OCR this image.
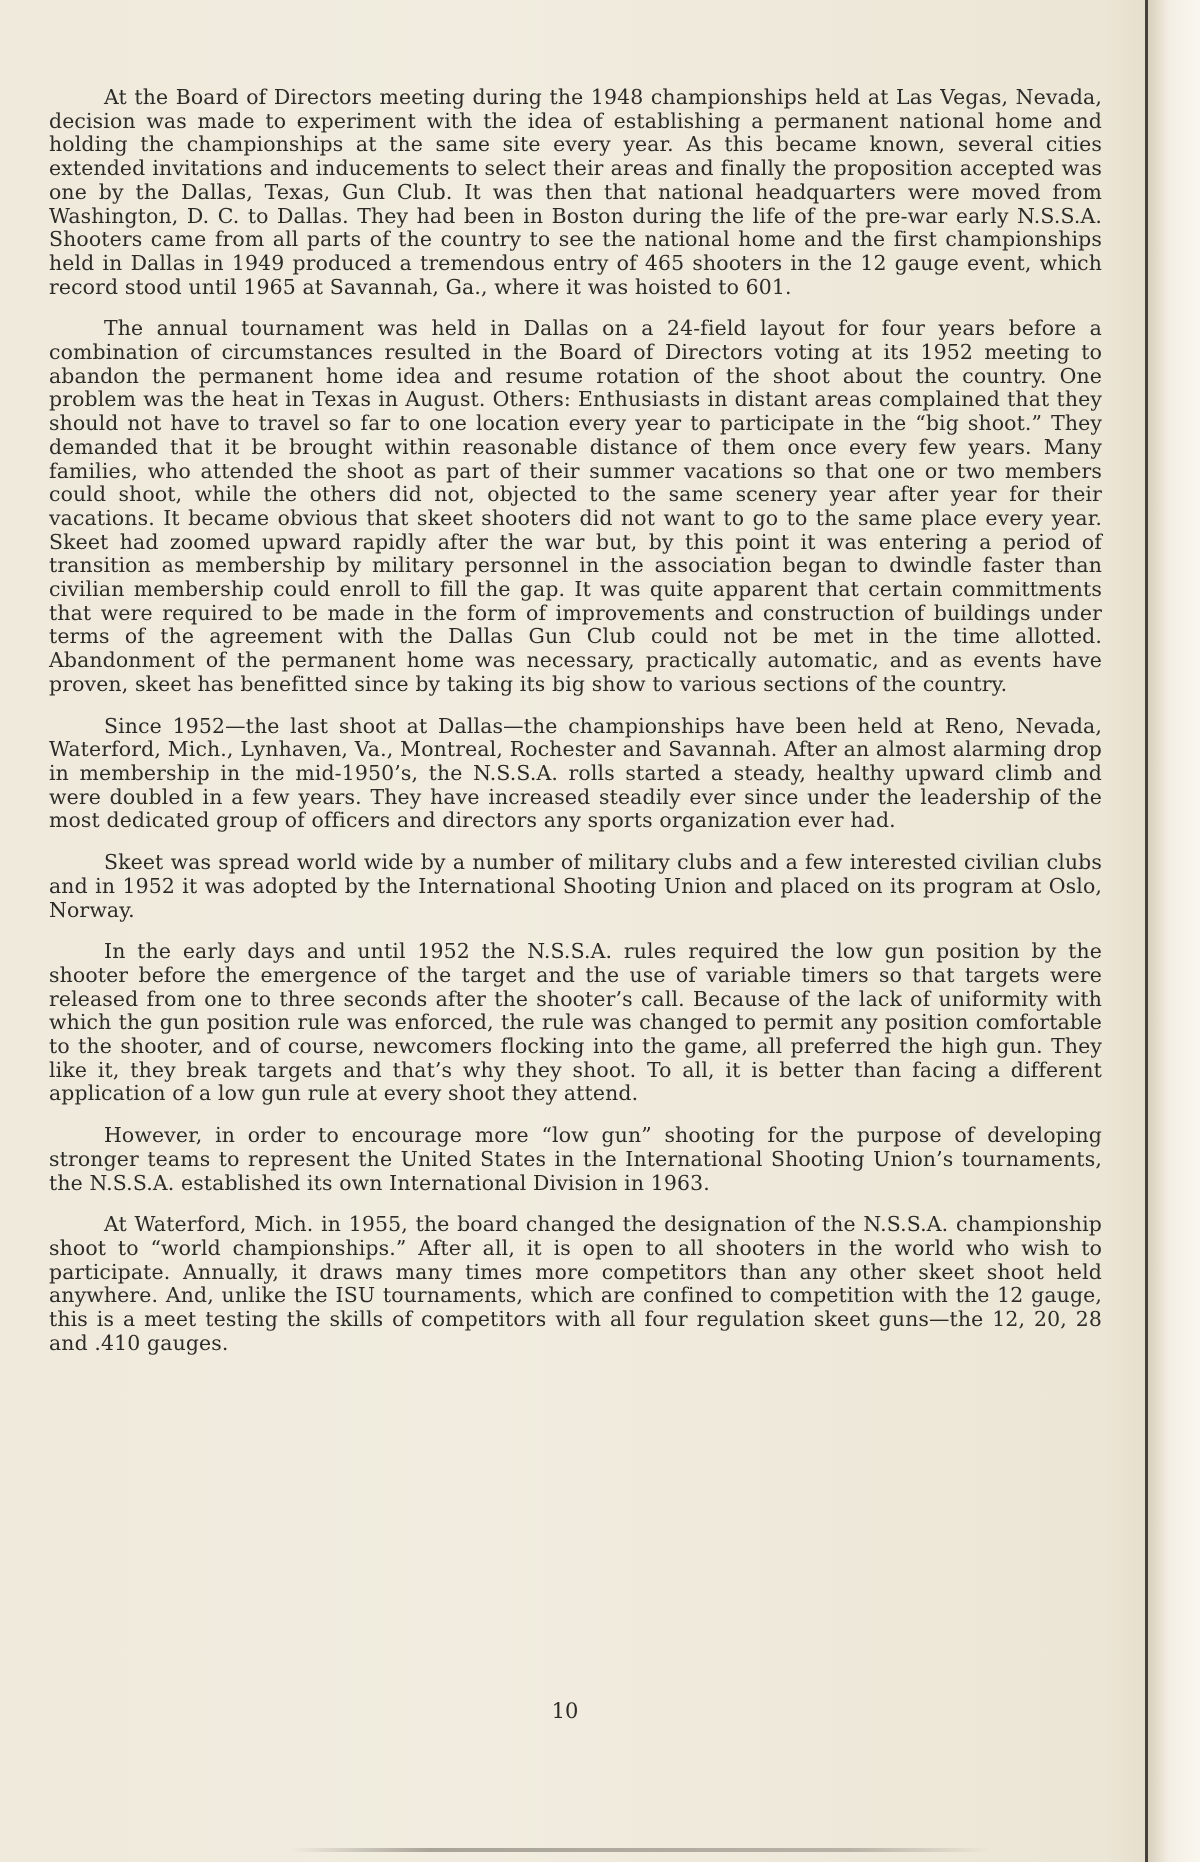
At the Board of Directors meeting during the 1948 championships held at Las Vegas, Nevada, decision was made to experiment with the idea of establishing a permanent national home and holding the championships at the same site every year. As this became known, several cities extended invitations and inducements to select their areas and finally the proposition accepted was one by the Dallas, Texas, Gun Club. It was then that national headquarters were moved from Washington, D. C. to Dallas. They had been in Boston during the life of the pre-war early N.S.S.A. Shooters came from all parts of the country to see the national home and the first championships held in Dallas in 1949 produced a tremendous entry of 465 shooters in the 12 gauge event, which record stood until 1965 at Savannah, Ga., where it was hoisted to 601.

The annual tournament was held in Dallas on a 24-field layout for four years before a combination of circumstances resulted in the Board of Directors voting at its 1952 meeting to abandon the permanent home idea and resume rotation of the shoot about the country. One problem was the heat in Texas in August. Others: Enthusiasts in distant areas complained that they should not have to travel so far to one location every year to participate in the “big shoot.” They demanded that it be brought within reasonable distance of them once every few years. Many families, who attended the shoot as part of their summer vacations so that one or two members could shoot, while the others did not, objected to the same scenery year after year for their vacations. It became obvious that skeet shooters did not want to go to the same place every year. Skeet had zoomed upward rapidly after the war but, by this point it was entering a period of transition as membership by military personnel in the association began to dwindle faster than civilian membership could enroll to fill the gap. It was quite apparent that certain committments that were required to be made in the form of improvements and construction of buildings under terms of the agreement with the Dallas Gun Club could not be met in the time allotted. Abandonment of the permanent home was necessary, practically automatic, and as events have proven, skeet has benefitted since by taking its big show to various sections of the country.

Since 1952—the last shoot at Dallas—the championships have been held at Reno, Nevada, Waterford, Mich., Lynhaven, Va., Montreal, Rochester and Savannah. After an almost alarming drop in membership in the mid-1950’s, the N.S.S.A. rolls started a steady, healthy upward climb and were doubled in a few years. They have increased steadily ever since under the leadership of the most dedicated group of officers and directors any sports organization ever had.

Skeet was spread world wide by a number of military clubs and a few interested civilian clubs and in 1952 it was adopted by the International Shooting Union and placed on its program at Oslo, Norway.

In the early days and until 1952 the N.S.S.A. rules required the low gun position by the shooter before the emergence of the target and the use of variable timers so that targets were released from one to three seconds after the shooter’s call. Because of the lack of uniformity with which the gun position rule was enforced, the rule was changed to permit any position comfortable to the shooter, and of course, newcomers flocking into the game, all preferred the high gun. They like it, they break targets and that’s why they shoot. To all, it is better than facing a different application of a low gun rule at every shoot they attend.

However, in order to encourage more “low gun” shooting for the purpose of developing stronger teams to represent the United States in the International Shooting Union’s tournaments, the N.S.S.A. established its own International Division in 1963.

At Waterford, Mich. in 1955, the board changed the designation of the N.S.S.A. championship shoot to “world championships.” After all, it is open to all shooters in the world who wish to participate. Annually, it draws many times more competitors than any other skeet shoot held anywhere. And, unlike the ISU tournaments, which are confined to competition with the 12 gauge, this is a meet testing the skills of competitors with all four regulation skeet guns—the 12, 20, 28 and .410 gauges.

10
